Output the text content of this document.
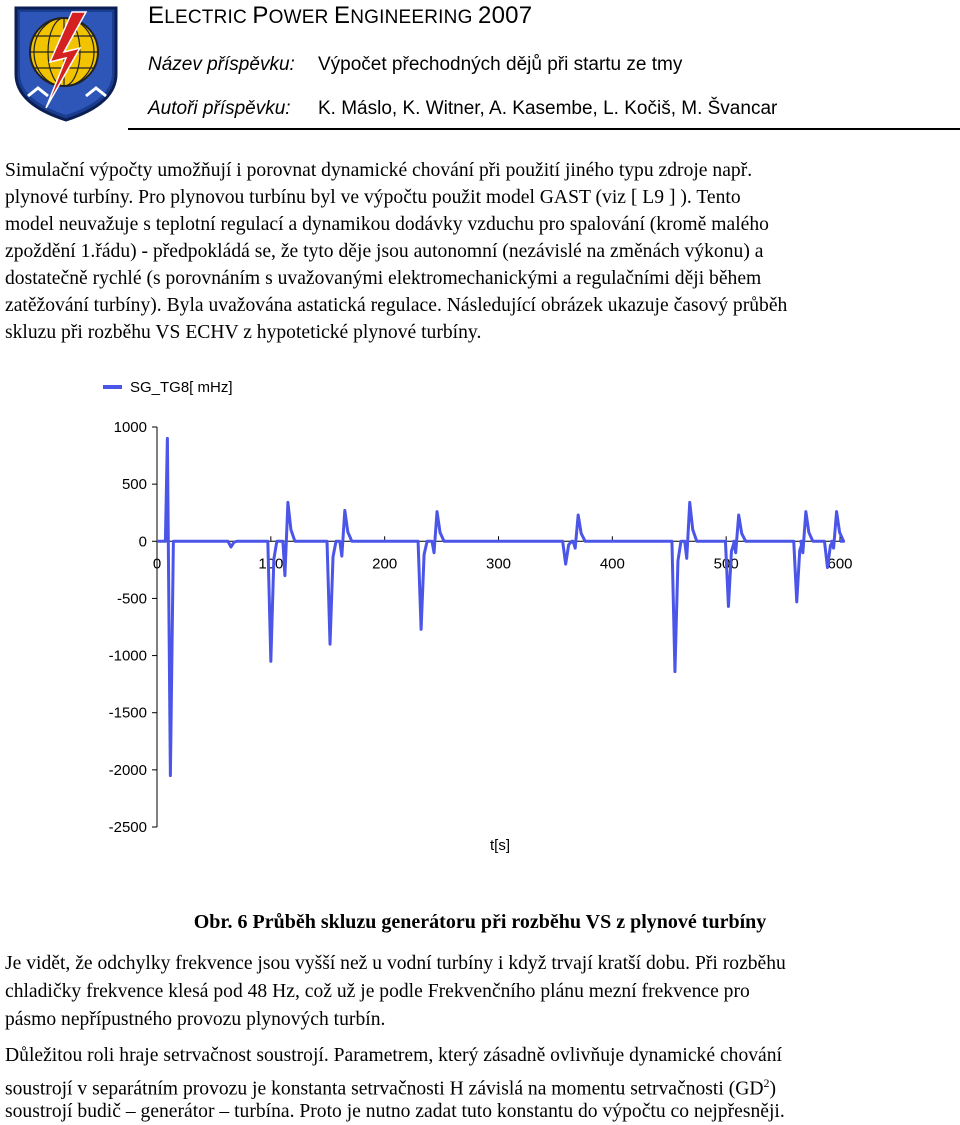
ELECTRIC POWER ENGINEERING 2007
Název příspěvku: Výpočet přechodných dějů při startu ze tmy
Autoři příspěvku: K. Máslo, K. Witner, A. Kasembe, L. Kočiš, M. Švancar
Simulační výpočty umožňují i porovnat dynamické chování při použití jiného typu zdroje např.
plynové turbíny. Pro plynovou turbínu byl ve výpočtu použit model GAST (viz [ L9 ] ). Tento
model neuvažuje s teplotní regulací a dynamikou dodávky vzduchu pro spalování (kromě malého
zpoždění 1.řádu) - předpokládá se, že tyto děje jsou autonomní (nezávislé na změnách výkonu) a
dostatečně rychlé (s porovnáním s uvažovanými elektromechanickými a regulačními ději během
zatěžování turbíny). Byla uvažována astatická regulace. Následující obrázek ukazuje časový průběh
skluzu při rozběhu VS ECHV z hypotetické plynové turbíny.
1000
500
0
-500
-1000
-1500
-2000
-2500
0	100	200	300	400	500	600
t[s]
SG_TG8[ mHz]
Obr. 6 Průběh skluzu generátoru při rozběhu VS z plynové turbíny
Je vidět, že odchylky frekvence jsou vyšší než u vodní turbíny i když trvají kratší dobu. Při rozběhu
chladičky frekvence klesá pod 48 Hz, což už je podle Frekvenčního plánu mezní frekvence pro
pásmo nepřípustného provozu plynových turbín.
Důležitou roli hraje setrvačnost soustrojí. Parametrem, který zásadně ovlivňuje dynamické chování
soustrojí v separátním provozu je konstanta setrvačnosti H závislá na momentu setrvačnosti $(GD^2)$
soustrojí budič – generátor – turbína. Proto je nutno zadat tuto konstantu do výpočtu co nejpřesněji.
